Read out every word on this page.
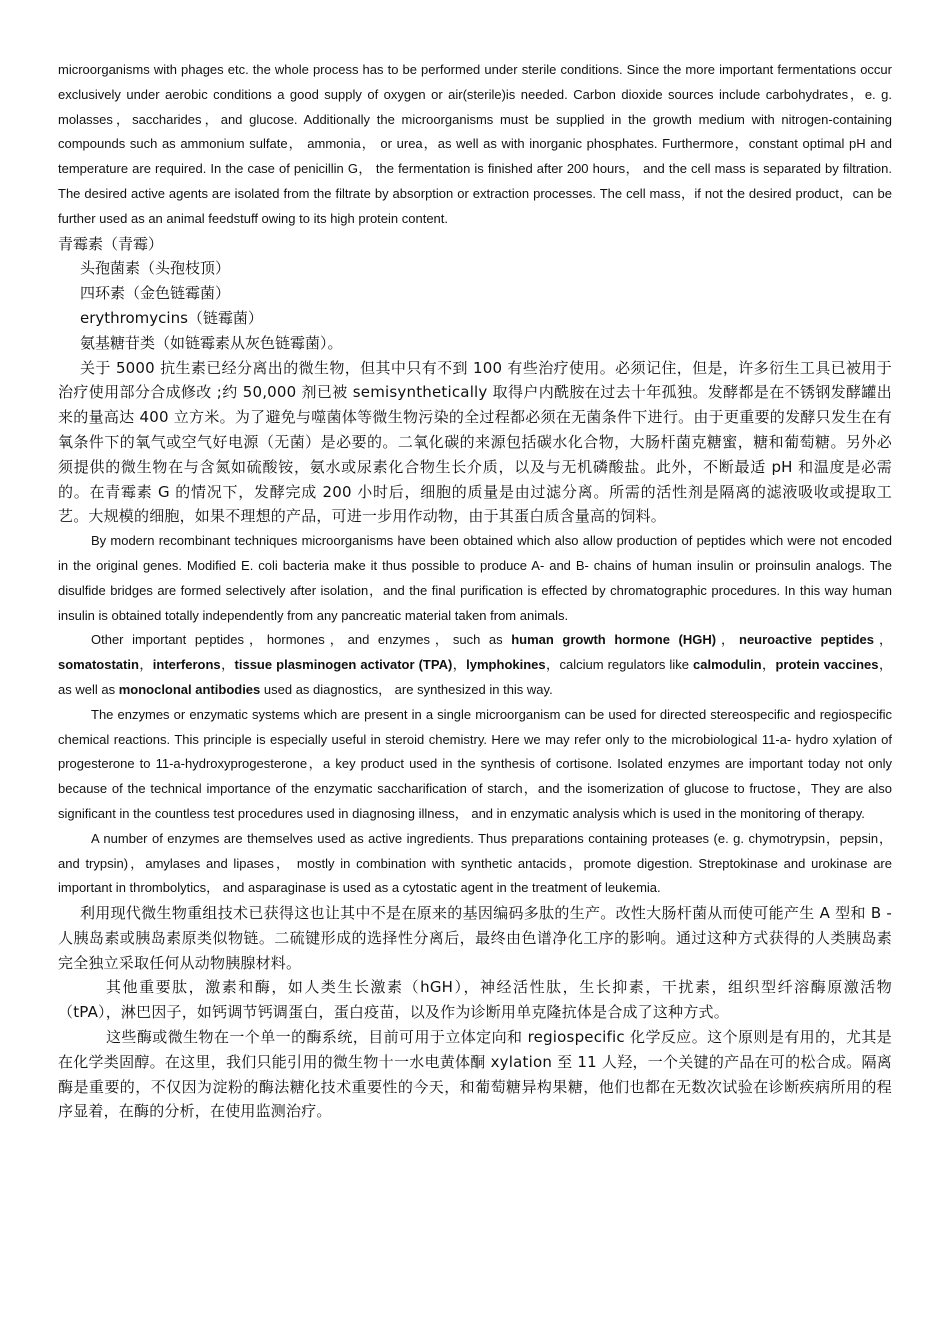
microorganisms with phages etc. the whole process has to be performed under sterile conditions. Since the more important fermentations occur exclusively under aerobic conditions a good supply of oxygen or air(sterile)is needed. Carbon dioxide sources include carbohydrates，e. g. molasses，saccharides，and glucose. Additionally the microorganisms must be supplied in the growth medium with nitrogen-containing compounds such as ammonium sulfate， ammonia， or urea，as well as with inorganic phosphates. Furthermore，constant optimal pH and temperature are required. In the case of penicillin G， the fermentation is finished after 200 hours， and the cell mass is separated by filtration. The desired active agents are isolated from the filtrate by absorption or extraction processes. The cell mass，if not the desired product，can be further used as an animal feedstuff owing to its high protein content.

青霉素（青霉）
头孢菌素（头孢枝顶）
四环素（金色链霉菌）
erythromycins（链霉菌）
氨基糖苷类（如链霉素从灰色链霉菌）。

关于 5000 抗生素已经分离出的微生物，但其中只有不到 100 有些治疗使用。必须记住，但是，许多衍生工具已被用于治疗使用部分合成修改 ;约 50,000 剂已被 semisynthetically 取得户内酰胺在过去十年孤独。发酵都是在不锈钢发酵罐出来的量高达 400 立方米。为了避免与噬菌体等微生物污染的全过程都必须在无菌条件下进行。由于更重要的发酵只发生在有氧条件下的氧气或空气好电源（无菌）是必要的。二氧化碳的来源包括碳水化合物，大肠杆菌克糖蜜，糖和葡萄糖。另外必须提供的微生物在与含氮如硫酸铵，氨水或尿素化合物生长介质，以及与无机磷酸盐。此外，不断最适 pH 和温度是必需的。在青霉素 G 的情况下，发酵完成 200 小时后，细胞的质量是由过滤分离。所需的活性剂是隔离的滤液吸收或提取工艺。大规模的细胞，如果不理想的产品，可进一步用作动物，由于其蛋白质含量高的饲料。

By modern recombinant techniques microorganisms have been obtained which also allow production of peptides which were not encoded in the original genes. Modified E. coli bacteria make it thus possible to produce A- and B- chains of human insulin or proinsulin analogs. The disulfide bridges are formed selectively after isolation，and the final purification is effected by chromatographic procedures. In this way human insulin is obtained totally independently from any pancreatic material taken from animals.

Other important peptides，hormones，and enzymes，such as human growth hormone (HGH)，neuroactive peptides，somatostatin，interferons，tissue plasminogen activator (TPA)，lymphokines，calcium regulators like calmodulin，protein vaccines， as well as monoclonal antibodies used as diagnostics， are synthesized in this way.

The enzymes or enzymatic systems which are present in a single microorganism can be used for directed stereospecific and regiospecific chemical reactions. This principle is especially useful in steroid chemistry. Here we may refer only to the microbiological 11-a- hydro xylation of progesterone to 11-a-hydroxyprogesterone，a key product used in the synthesis of cortisone. Isolated enzymes are important today not only because of the technical importance of the enzymatic saccharification of starch，and the isomerization of glucose to fructose，They are also significant in the countless test procedures used in diagnosing illness， and in enzymatic analysis which is used in the monitoring of therapy.

A number of enzymes are themselves used as active ingredients. Thus preparations containing proteases (e. g. chymotrypsin，pepsin，and trypsin)，amylases and lipases， mostly in combination with synthetic antacids，promote digestion. Streptokinase and urokinase are important in thrombolytics， and asparaginase is used as a cytostatic agent in the treatment of leukemia.

利用现代微生物重组技术已获得这也让其中不是在原来的基因编码多肽的生产。改性大肠杆菌从而使可能产生 A 型和 B -人胰岛素或胰岛素原类似物链。二硫键形成的选择性分离后，最终由色谱净化工序的影响。通过这种方式获得的人类胰岛素完全独立采取任何从动物胰腺材料。

其他重要肽，激素和酶，如人类生长激素（hGH），神经活性肽，生长抑素，干扰素，组织型纤溶酶原激活物（tPA），淋巴因子，如钙调节钙调蛋白，蛋白疫苗，以及作为诊断用单克隆抗体是合成了这种方式。

这些酶或微生物在一个单一的酶系统，目前可用于立体定向和 regiospecific 化学反应。这个原则是有用的，尤其是在化学类固醇。在这里，我们只能引用的微生物十一水电黄体酮 xylation 至 11 人羟，一个关键的产品在可的松合成。隔离酶是重要的，不仅因为淀粉的酶法糖化技术重要性的今天，和葡萄糖异构果糖，他们也都在无数次试验在诊断疾病所用的程序显着，在酶的分析，在使用监测治疗。
